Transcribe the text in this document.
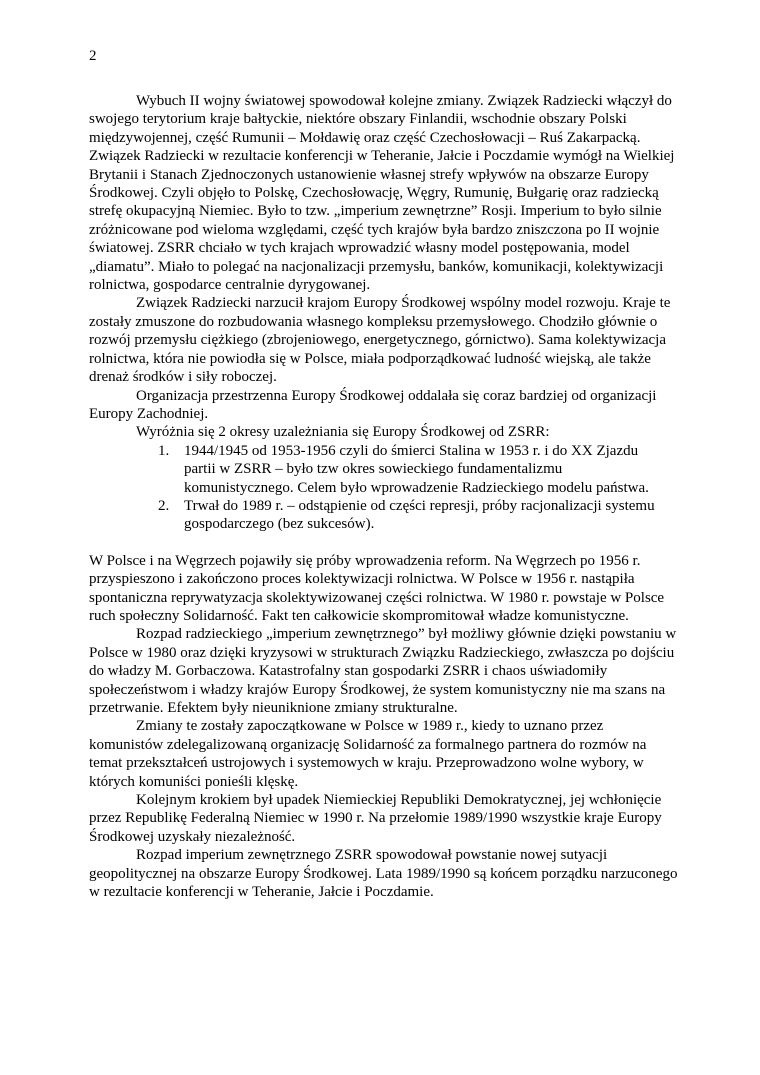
2

Wybuch II wojny światowej spowodował kolejne zmiany. Związek Radziecki włączył do swojego terytorium kraje bałtyckie, niektóre obszary Finlandii, wschodnie obszary Polski międzywojennej, część Rumunii – Mołdawię oraz część Czechosłowacji – Ruś Zakarpacką. Związek Radziecki w rezultacie konferencji w Teheranie, Jałcie i Poczdamie wymógł na Wielkiej Brytanii i Stanach Zjednoczonych ustanowienie własnej strefy wpływów na obszarze Europy Środkowej. Czyli objęło to Polskę, Czechosłowację, Węgry, Rumunię, Bułgarię oraz radziecką strefę okupacyjną Niemiec. Było to tzw. „imperium zewnętrzne” Rosji. Imperium to było silnie zróżnicowane pod wieloma względami, część tych krajów była bardzo zniszczona po II wojnie światowej. ZSRR chciało w tych krajach wprowadzić własny model postępowania, model „diamatu”. Miało to polegać na nacjonalizacji przemysłu, banków, komunikacji, kolektywizacji rolnictwa, gospodarce centralnie dyrygowanej.

Związek Radziecki narzucił krajom Europy Środkowej wspólny model rozwoju. Kraje te zostały zmuszone do rozbudowania własnego kompleksu przemysłowego. Chodziło głównie o rozwój przemysłu ciężkiego (zbrojeniowego, energetycznego, górnictwo). Sama kolektywizacja rolnictwa, która nie powiodła się w Polsce, miała podporządkować ludność wiejską, ale także drenaż środków i siły roboczej.

Organizacja przestrzenna Europy Środkowej oddalała się coraz bardziej od organizacji Europy Zachodniej.

Wyróżnia się 2 okresy uzależniania się Europy Środkowej od ZSRR:

1. 1944/1945 od 1953-1956 czyli do śmierci Stalina w 1953 r. i do XX Zjazdu partii w ZSRR – było tzw okres sowieckiego fundamentalizmu komunistycznego. Celem było wprowadzenie Radzieckiego modelu państwa.
2. Trwał do 1989 r. – odstąpienie od części represji, próby racjonalizacji systemu gospodarczego (bez sukcesów).

W Polsce i na Węgrzech pojawiły się próby wprowadzenia reform. Na Węgrzech po 1956 r. przyspieszono i zakończono proces kolektywizacji rolnictwa. W Polsce w 1956 r. nastąpiła spontaniczna reprywatyzacja skolektywizowanej części rolnictwa. W 1980 r. powstaje w Polsce ruch społeczny Solidarność. Fakt ten całkowicie skompromitował władze komunistyczne.

Rozpad radzieckiego „imperium zewnętrznego” był możliwy głównie dzięki powstaniu w Polsce w 1980 oraz dzięki kryzysowi w strukturach Związku Radzieckiego, zwłaszcza po dojściu do władzy M. Gorbaczowa. Katastrofalny stan gospodarki ZSRR i chaos uświadomiły społeczeństwom i władzy krajów Europy Środkowej, że system komunistyczny nie ma szans na przetrwanie. Efektem były nieuniknione zmiany strukturalne.

Zmiany te zostały zapoczątkowane w Polsce w 1989 r., kiedy to uznano przez komunistów zdelegalizowaną organizację Solidarność za formalnego partnera do rozmów na temat przekształceń ustrojowych i systemowych w kraju. Przeprowadzono wolne wybory, w których komuniści ponieśli klęskę.

Kolejnym krokiem był upadek Niemieckiej Republiki Demokratycznej, jej wchłonięcie przez Republikę Federalną Niemiec w 1990 r. Na przełomie 1989/1990 wszystkie kraje Europy Środkowej uzyskały niezależność.

Rozpad imperium zewnętrznego ZSRR spowodował powstanie nowej sutyacji geopolitycznej na obszarze Europy Środkowej. Lata 1989/1990 są końcem porządku narzuconego w rezultacie konferencji w Teheranie, Jałcie i Poczdamie.
